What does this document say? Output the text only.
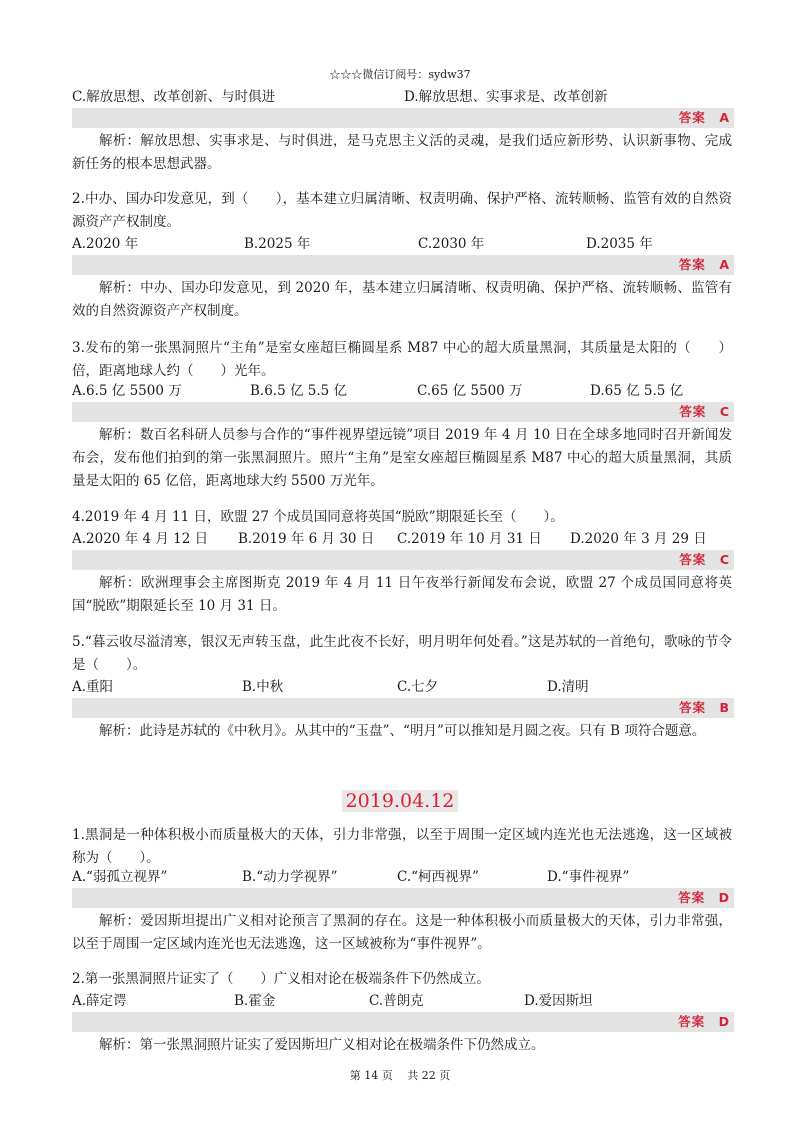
☆☆☆微信订阅号：sydw37
C.解放思想、改革创新、与时俱进	D.解放思想、实事求是、改革创新
答案　 A
解析：解放思想、实事求是、与时俱进，是马克思主义活的灵魂，是我们适应新形势、认识新事物、完成新任务的根本思想武器。
2.中办、国办印发意见，到（　　），基本建立归属清晰、权责明确、保护严格、流转顺畅、监管有效的自然资源资产产权制度。
A.2020 年	B.2025 年	C.2030 年	D.2035 年
答案　 A
解析：中办、国办印发意见，到 2020 年，基本建立归属清晰、权责明确、保护严格、流转顺畅、监管有效的自然资源资产产权制度。
3.发布的第一张黑洞照片“主角”是室女座超巨椭圆星系 M87 中心的超大质量黑洞，其质量是太阳的（　　）倍，距离地球人约（　　）光年。
A.6.5 亿 5500 万	B.6.5 亿 5.5 亿	C.65 亿 5500 万	D.65 亿 5.5 亿
答案　 C
解析：数百名科研人员参与合作的“事件视界望远镜”项目 2019 年 4 月 10 日在全球多地同时召开新闻发布会，发布他们拍到的第一张黑洞照片。照片“主角”是室女座超巨椭圆星系 M87 中心的超大质量黑洞，其质量是太阳的 65 亿倍，距离地球大约 5500 万光年。
4.2019 年 4 月 11 日，欧盟 27 个成员国同意将英国“脱欧”期限延长至（　　）。
A.2020 年 4 月 12 日 B.2019 年 6 月 30 日 C.2019 年 10 月 31 日 D.2020 年 3 月 29 日
答案　 C
解析：欧洲理事会主席图斯克 2019 年 4 月 11 日午夜举行新闻发布会说，欧盟 27 个成员国同意将英国“脱欧”期限延长至 10 月 31 日。
5.“暮云收尽溢清寒，银汉无声转玉盘，此生此夜不长好，明月明年何处看。”这是苏轼的一首绝句，歌咏的节令是（　　）。
A.重阳	B.中秋	C.七夕	D.清明
答案　 B
解析：此诗是苏轼的《中秋月》。从其中的“玉盘”、“明月”可以推知是月圆之夜。只有 B 项符合题意。
2019.04.12
1.黑洞是一种体积极小而质量极大的天体，引力非常强，以至于周围一定区域内连光也无法逃逸，这一区域被称为（　　）。
A.“弱孤立视界”	B.“动力学视界”	C.“柯西视界”	D.“事件视界”
答案　 D
解析：爱因斯坦提出广义相对论预言了黑洞的存在。这是一种体积极小而质量极大的天体，引力非常强，以至于周围一定区域内连光也无法逃逸，这一区域被称为“事件视界”。
2.第一张黑洞照片证实了（　　）广义相对论在极端条件下仍然成立。
A.薛定谔	B.霍金	C.普朗克	D.爱因斯坦
答案　 D
解析：第一张黑洞照片证实了爱因斯坦广义相对论在极端条件下仍然成立。
第 14 页　 共 22 页
